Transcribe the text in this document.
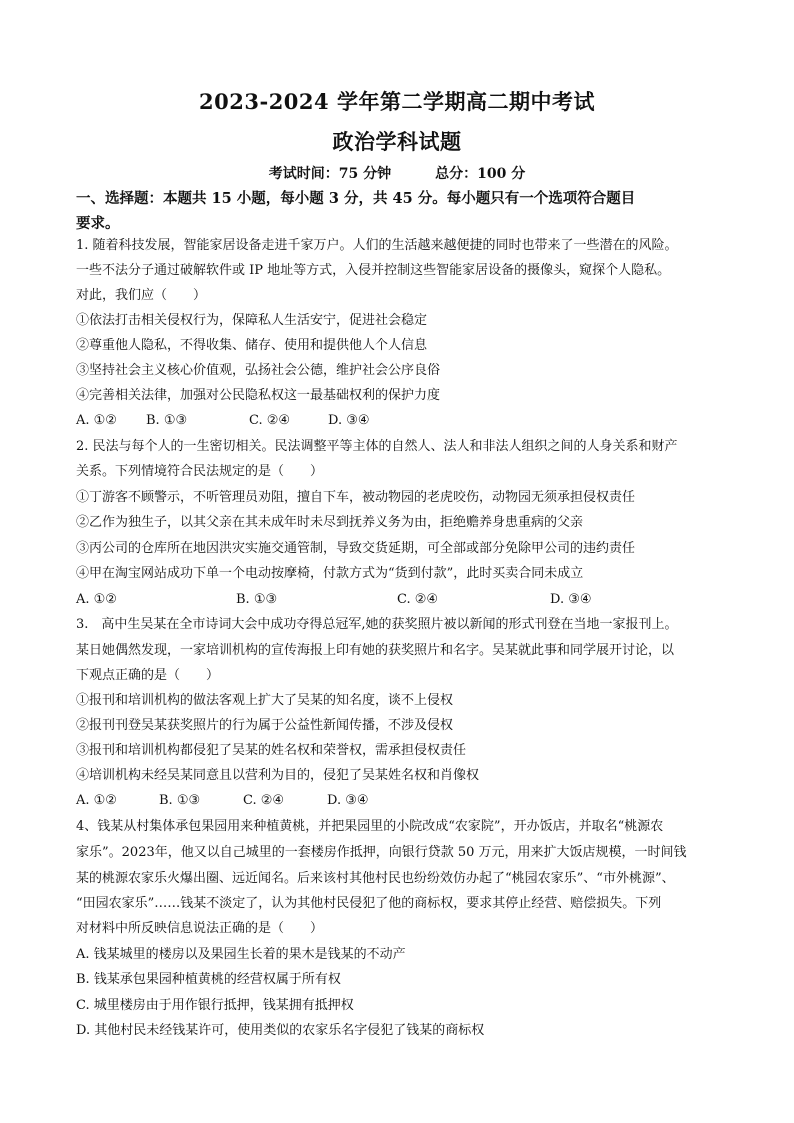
2023-2024 学年第二学期高二期中考试
政治学科试题
考试时间：75 分钟	总分：100 分
一、选择题：本题共 15 小题，每小题 3 分，共 45 分。每小题只有一个选项符合题目
要求。
1. 随着科技发展，智能家居设备走进千家万户。人们的生活越来越便捷的同时也带来了一些潜在的风险。
一些不法分子通过破解软件或 IP 地址等方式，入侵并控制这些智能家居设备的摄像头，窥探个人隐私。
对此，我们应（　　）
①依法打击相关侵权行为，保障私人生活安宁，促进社会稳定
②尊重他人隐私，不得收集、储存、使用和提供他人个人信息
③坚持社会主义核心价值观，弘扬社会公德，维护社会公序良俗
④完善相关法律，加强对公民隐私权这一最基础权利的保护力度
A. ①② B. ①③	C. ②④	D. ③④
2. 民法与每个人的一生密切相关。民法调整平等主体的自然人、法人和非法人组织之间的人身关系和财产
关系。下列情境符合民法规定的是（　　）
①丁游客不顾警示，不听管理员劝阻，擅自下车，被动物园的老虎咬伤，动物园无须承担侵权责任
②乙作为独生子，以其父亲在其未成年时未尽到抚养义务为由，拒绝赡养身患重病的父亲
③丙公司的仓库所在地因洪灾实施交通管制，导致交货延期，可全部或部分免除甲公司的违约责任
④甲在淘宝网站成功下单一个电动按摩椅，付款方式为“货到付款”，此时买卖合同未成立
A. ①②	B. ①③	C. ②④	D. ③④
3.　高中生吴某在全市诗词大会中成功夺得总冠军,她的获奖照片被以新闻的形式刊登在当地一家报刊上。
某日她偶然发现，一家培训机构的宣传海报上印有她的获奖照片和名字。吴某就此事和同学展开讨论，以
下观点正确的是（　　）
①报刊和培训机构的做法客观上扩大了吴某的知名度，谈不上侵权
②报刊刊登吴某获奖照片的行为属于公益性新闻传播，不涉及侵权
③报刊和培训机构都侵犯了吴某的姓名权和荣誉权，需承担侵权责任
④培训机构未经吴某同意且以营利为目的，侵犯了吴某姓名权和肖像权
A. ①②	B. ①③	C. ②④	D. ③④
4、钱某从村集体承包果园用来种植黄桃，并把果园里的小院改成“农家院”，开办饭店，并取名“桃源农
家乐”。2023年，他又以自己城里的一套楼房作抵押，向银行贷款 50 万元，用来扩大饭店规模，一时间钱
某的桃源农家乐火爆出圈、远近闻名。后来该村其他村民也纷纷效仿办起了“桃园农家乐”、“市外桃源”、
“田园农家乐”……钱某不淡定了，认为其他村民侵犯了他的商标权，要求其停止经营、赔偿损失。下列
对材料中所反映信息说法正确的是（　　）
A. 钱某城里的楼房以及果园生长着的果木是钱某的不动产
B. 钱某承包果园种植黄桃的经营权属于所有权
C. 城里楼房由于用作银行抵押，钱某拥有抵押权
D. 其他村民未经钱某许可，使用类似的农家乐名字侵犯了钱某的商标权
